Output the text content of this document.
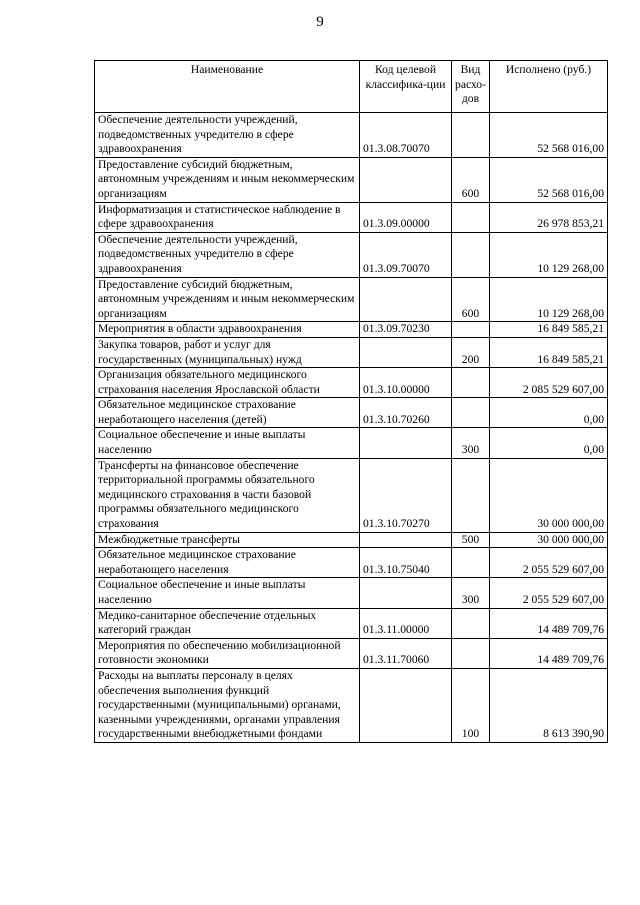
9
Наименование	Код целевой классифика-ции	Вид расхо-дов	Исполнено (руб.)
Обеспечение деятельности учреждений, подведомственных учредителю в сфере здравоохранения	01.3.08.70070		52 568 016,00
Предоставление субсидий бюджетным, автономным учреждениям и иным некоммерческим организациям		600	52 568 016,00
Информатизация и статистическое наблюдение в сфере здравоохранения	01.3.09.00000		26 978 853,21
Обеспечение деятельности учреждений, подведомственных учредителю в сфере здравоохранения	01.3.09.70070		10 129 268,00
Предоставление субсидий бюджетным, автономным учреждениям и иным некоммерческим организациям		600	10 129 268,00
Мероприятия в области здравоохранения	01.3.09.70230		16 849 585,21
Закупка товаров, работ и услуг для государственных (муниципальных) нужд		200	16 849 585,21
Организация обязательного медицинского страхования населения Ярославской области	01.3.10.00000		2 085 529 607,00
Обязательное медицинское страхование неработающего населения (детей)	01.3.10.70260		0,00
Социальное обеспечение и иные выплаты населению		300	0,00
Трансферты на финансовое обеспечение территориальной программы обязательного медицинского страхования в части базовой программы обязательного медицинского страхования	01.3.10.70270		30 000 000,00
Межбюджетные трансферты		500	30 000 000,00
Обязательное медицинское страхование неработающего населения	01.3.10.75040		2 055 529 607,00
Социальное обеспечение и иные выплаты населению		300	2 055 529 607,00
Медико-санитарное обеспечение отдельных категорий граждан	01.3.11.00000		14 489 709,76
Мероприятия по обеспечению мобилизационной готовности экономики	01.3.11.70060		14 489 709,76
Расходы на выплаты персоналу в целях обеспечения выполнения функций государственными (муниципальными) органами, казенными учреждениями, органами управления государственными внебюджетными фондами		100	8 613 390,90
